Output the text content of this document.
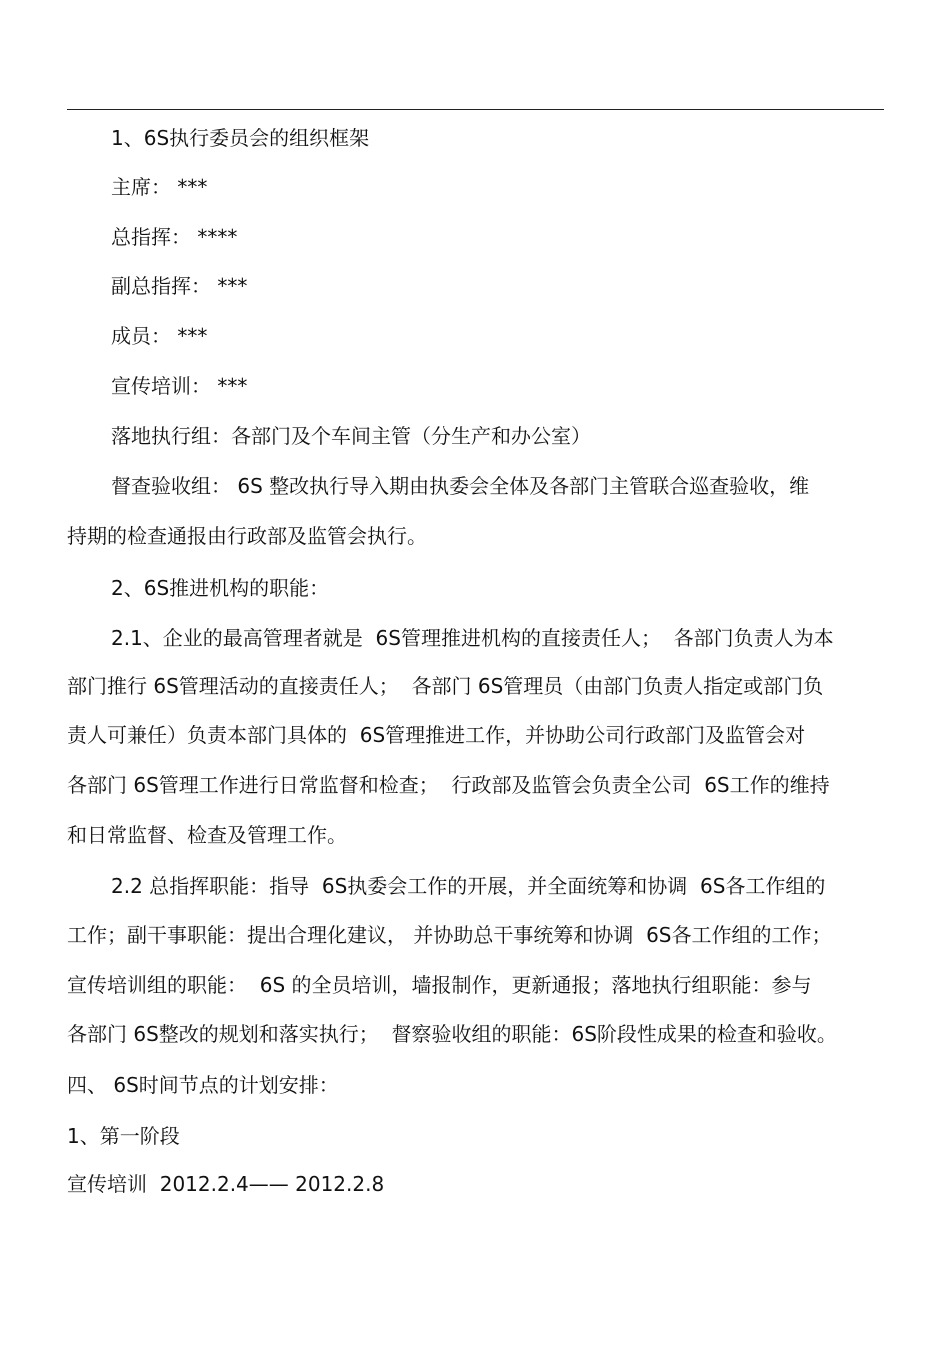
1、6S执行委员会的组织框架

主席： ***

总指挥： ****

副总指挥： ***

成员： ***

宣传培训： ***

落地执行组：各部门及个车间主管（分生产和办公室）

督查验收组： 6S 整改执行导入期由执委会全体及各部门主管联合巡查验收，维

持期的检查通报由行政部及监管会执行。

2、6S推进机构的职能：

2.1、企业的最高管理者就是  6S管理推进机构的直接责任人；  各部门负责人为本

部门推行 6S管理活动的直接责任人；  各部门 6S管理员（由部门负责人指定或部门负

责人可兼任）负责本部门具体的  6S管理推进工作，并协助公司行政部门及监管会对

各部门 6S管理工作进行日常监督和检查；  行政部及监管会负责全公司  6S工作的维持

和日常监督、检查及管理工作。

2.2 总指挥职能：指导  6S执委会工作的开展，并全面统筹和协调  6S各工作组的

工作；副干事职能：提出合理化建议， 并协助总干事统筹和协调  6S各工作组的工作；

宣传培训组的职能：  6S 的全员培训，墙报制作，更新通报；落地执行组职能：参与

各部门 6S整改的规划和落实执行；  督察验收组的职能：6S阶段性成果的检查和验收。

四、 6S时间节点的计划安排：

1、第一阶段

宣传培训  2012.2.4—— 2012.2.8
